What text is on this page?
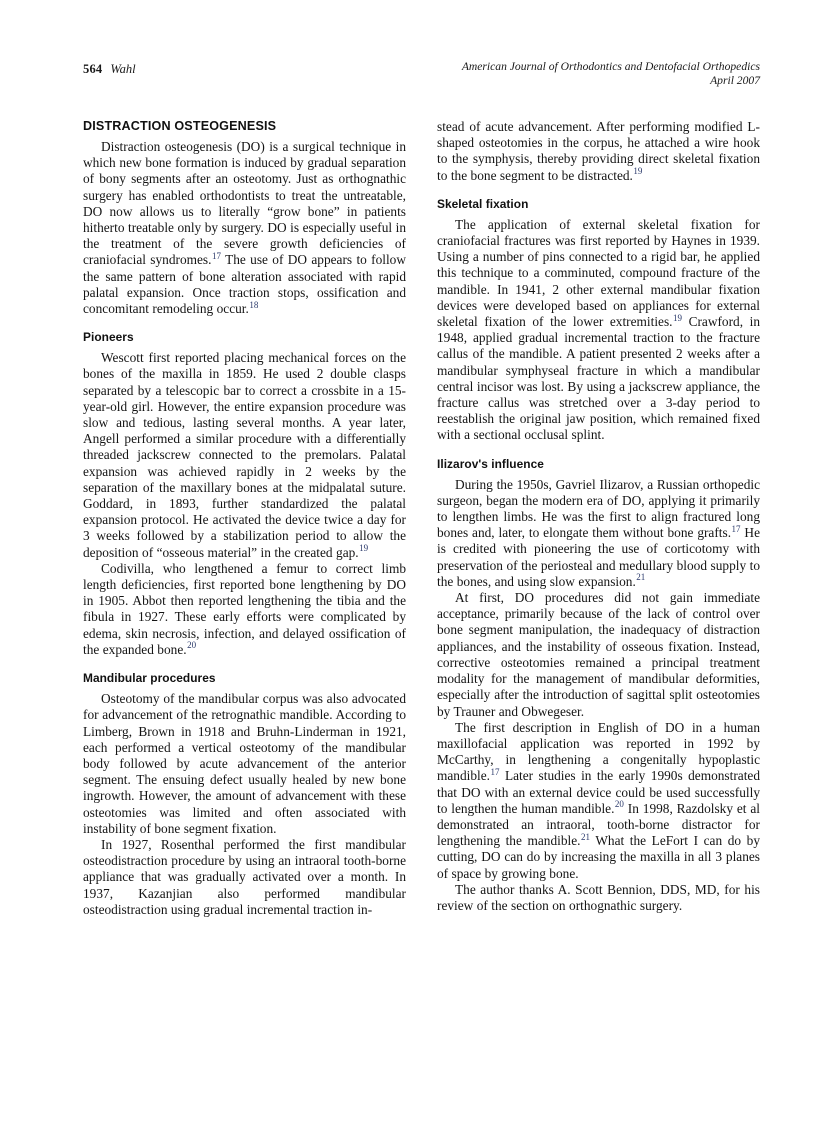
564 Wahl	American Journal of Orthodontics and Dentofacial Orthopedics
April 2007
DISTRACTION OSTEOGENESIS

Distraction osteogenesis (DO) is a surgical technique in which new bone formation is induced by gradual separation of bony segments after an osteotomy. Just as orthognathic surgery has enabled orthodontists to treat the untreatable, DO now allows us to literally “grow bone” in patients hitherto treatable only by surgery. DO is especially useful in the treatment of the severe growth deficiencies of craniofacial syndromes.$^{17}$ The use of DO appears to follow the same pattern of bone alteration associated with rapid palatal expansion. Once traction stops, ossification and concomitant remodeling occur.$^{18}$

Pioneers

Wescott first reported placing mechanical forces on the bones of the maxilla in 1859. He used 2 double clasps separated by a telescopic bar to correct a crossbite in a 15-year-old girl. However, the entire expansion procedure was slow and tedious, lasting several months. A year later, Angell performed a similar procedure with a differentially threaded jackscrew connected to the premolars. Palatal expansion was achieved rapidly in 2 weeks by the separation of the maxillary bones at the midpalatal suture. Goddard, in 1893, further standardized the palatal expansion protocol. He activated the device twice a day for 3 weeks followed by a stabilization period to allow the deposition of “osseous material” in the created gap.$^{19}$

Codivilla, who lengthened a femur to correct limb length deficiencies, first reported bone lengthening by DO in 1905. Abbot then reported lengthening the tibia and the fibula in 1927. These early efforts were complicated by edema, skin necrosis, infection, and delayed ossification of the expanded bone.$^{20}$

Mandibular procedures

Osteotomy of the mandibular corpus was also advocated for advancement of the retrognathic mandible. According to Limberg, Brown in 1918 and Bruhn-Linderman in 1921, each performed a vertical osteotomy of the mandibular body followed by acute advancement of the anterior segment. The ensuing defect usually healed by new bone ingrowth. However, the amount of advancement with these osteotomies was limited and often associated with instability of bone segment fixation.

In 1927, Rosenthal performed the first mandibular osteodistraction procedure by using an intraoral tooth-borne appliance that was gradually activated over a month. In 1937, Kazanjian also performed mandibular osteodistraction using gradual incremental traction in-

stead of acute advancement. After performing modified L-shaped osteotomies in the corpus, he attached a wire hook to the symphysis, thereby providing direct skeletal fixation to the bone segment to be distracted.$^{19}$

Skeletal fixation

The application of external skeletal fixation for craniofacial fractures was first reported by Haynes in 1939. Using a number of pins connected to a rigid bar, he applied this technique to a comminuted, compound fracture of the mandible. In 1941, 2 other external mandibular fixation devices were developed based on appliances for external skeletal fixation of the lower extremities.$^{19}$ Crawford, in 1948, applied gradual incremental traction to the fracture callus of the mandible. A patient presented 2 weeks after a mandibular symphyseal fracture in which a mandibular central incisor was lost. By using a jackscrew appliance, the fracture callus was stretched over a 3-day period to reestablish the original jaw position, which remained fixed with a sectional occlusal splint.

Ilizarov's influence

During the 1950s, Gavriel Ilizarov, a Russian orthopedic surgeon, began the modern era of DO, applying it primarily to lengthen limbs. He was the first to align fractured long bones and, later, to elongate them without bone grafts.$^{17}$ He is credited with pioneering the use of corticotomy with preservation of the periosteal and medullary blood supply to the bones, and using slow expansion.$^{21}$

At first, DO procedures did not gain immediate acceptance, primarily because of the lack of control over bone segment manipulation, the inadequacy of distraction appliances, and the instability of osseous fixation. Instead, corrective osteotomies remained a principal treatment modality for the management of mandibular deformities, especially after the introduction of sagittal split osteotomies by Trauner and Obwegeser.

The first description in English of DO in a human maxillofacial application was reported in 1992 by McCarthy, in lengthening a congenitally hypoplastic mandible.$^{17}$ Later studies in the early 1990s demonstrated that DO with an external device could be used successfully to lengthen the human mandible.$^{20}$ In 1998, Razdolsky et al demonstrated an intraoral, tooth-borne distractor for lengthening the mandible.$^{21}$ What the LeFort I can do by cutting, DO can do by increasing the maxilla in all 3 planes of space by growing bone.

The author thanks A. Scott Bennion, DDS, MD, for his review of the section on orthognathic surgery.
